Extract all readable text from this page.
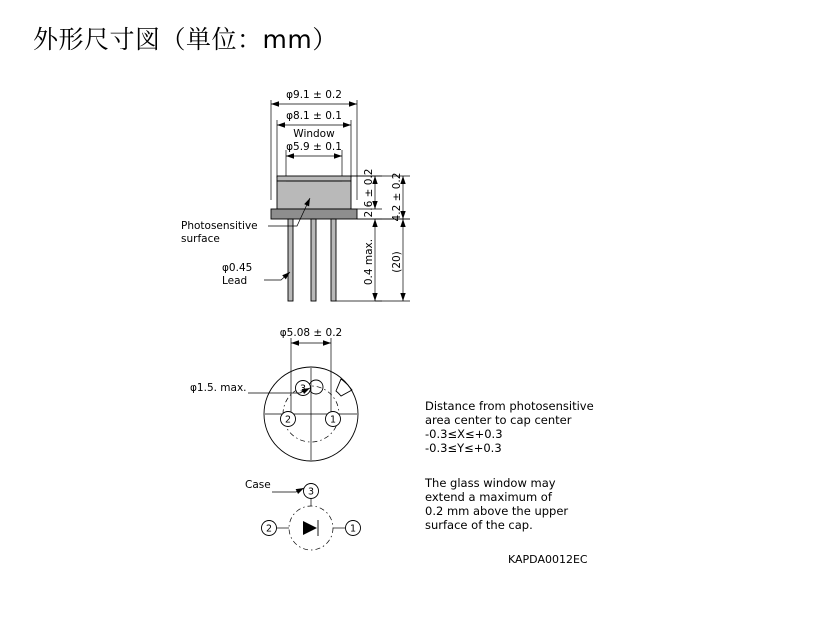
外形尺寸図（単位：mm）
φ9.1 ± 0.2
φ8.1 ± 0.1
Window
φ5.9 ± 0.1
Photosensitive
surface
φ0.45
Lead
2.6 ± 0.2 4.2 ± 0.2
0.4 max. (20)
φ5.08 ± 0.2
3
2	1
φ1.5. max.
2	1
3
Case
Distance from photosensitive
area center to cap center
-0.3≤X≤+0.3
-0.3≤Y≤+0.3
The glass window may
extend a maximum of
0.2 mm above the upper
surface of the cap.
KAPDA0012EC
